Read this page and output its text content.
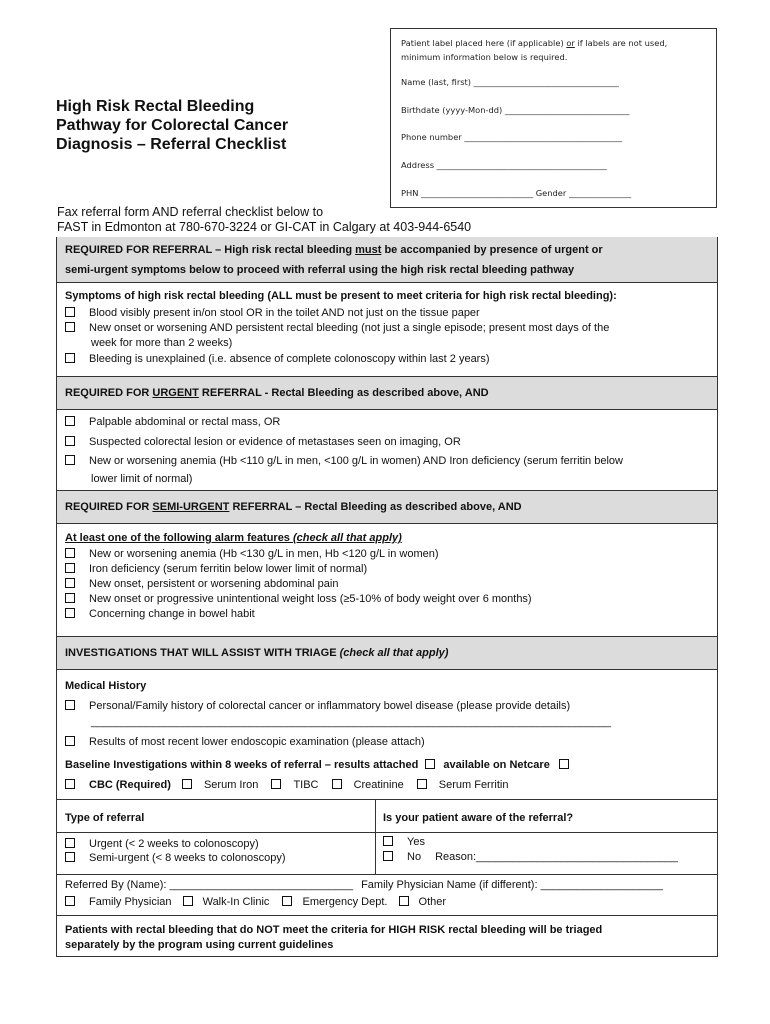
High Risk Rectal Bleeding
Pathway for Colorectal Cancer
Diagnosis – Referral Checklist
Patient label placed here (if applicable) or if labels are not used,
minimum information below is required.
Name (last, first) ___________________________________
Birthdate (yyyy-Mon-dd) ______________________________
Phone number ______________________________________
Address _________________________________________
PHN ___________________________ Gender _______________
Fax referral form AND referral checklist below to
FAST in Edmonton at 780-670-3224 or GI-CAT in Calgary at 403-944-6540
REQUIRED FOR REFERRAL – High risk rectal bleeding must be accompanied by presence of urgent or
semi-urgent symptoms below to proceed with referral using the high risk rectal bleeding pathway
Symptoms of high risk rectal bleeding (ALL must be present to meet criteria for high risk rectal bleeding):
Blood visibly present in/on stool OR in the toilet AND not just on the tissue paper
New onset or worsening AND persistent rectal bleeding (not just a single episode; present most days of the
week for more than 2 weeks)
Bleeding is unexplained (i.e. absence of complete colonoscopy within last 2 years)
REQUIRED FOR URGENT REFERRAL - Rectal Bleeding as described above, AND
Palpable abdominal or rectal mass, OR
Suspected colorectal lesion or evidence of metastases seen on imaging, OR
New or worsening anemia (Hb <110 g/L in men, <100 g/L in women) AND Iron deficiency (serum ferritin below
lower limit of normal)
REQUIRED FOR SEMI-URGENT REFERRAL – Rectal Bleeding as described above, AND
At least one of the following alarm features (check all that apply)
New or worsening anemia (Hb <130 g/L in men, Hb <120 g/L in women)
Iron deficiency (serum ferritin below lower limit of normal)
New onset, persistent or worsening abdominal pain
New onset or progressive unintentional weight loss (≥5-10% of body weight over 6 months)
Concerning change in bowel habit
INVESTIGATIONS THAT WILL ASSIST WITH TRIAGE (check all that apply)
Medical History
Personal/Family history of colorectal cancer or inflammatory bowel disease (please provide details)
_____________________________________________________________________________________
Results of most recent lower endoscopic examination (please attach)
Baseline Investigations within 8 weeks of referral – results attached available on Netcare
CBC (Required)	Serum Iron	TIBC	Creatinine	Serum Ferritin
Type of referral	Is your patient aware of the referral?
Urgent (< 2 weeks to colonoscopy)
Semi-urgent (< 8 weeks to colonoscopy)
Yes
No Reason:_________________________________
Referred By (Name): ______________________________ Family Physician Name (if different): ____________________
Family Physician	Walk-In Clinic	Emergency Dept.	Other
Patients with rectal bleeding that do NOT meet the criteria for HIGH RISK rectal bleeding will be triaged
separately by the program using current guidelines
